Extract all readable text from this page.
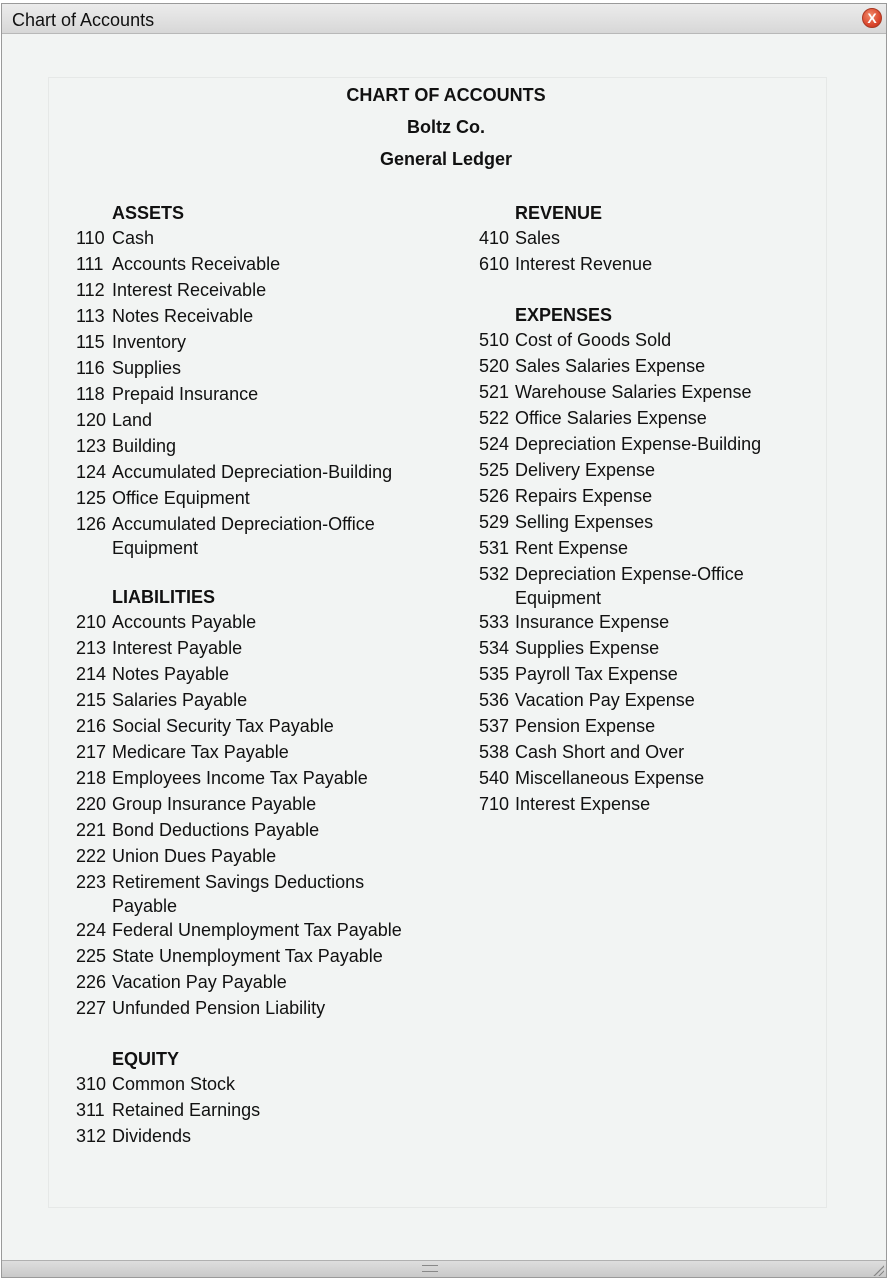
Chart of Accounts	X
CHART OF ACCOUNTS
Boltz Co.
General Ledger
ASSETS
110 Cash
111 Accounts Receivable
112 Interest Receivable
113 Notes Receivable
115 Inventory
116 Supplies
118 Prepaid Insurance
120 Land
123 Building
124 Accumulated Depreciation-Building
125 Office Equipment
126 Accumulated Depreciation-Office Equipment
LIABILITIES
210 Accounts Payable
213 Interest Payable
214 Notes Payable
215 Salaries Payable
216 Social Security Tax Payable
217 Medicare Tax Payable
218 Employees Income Tax Payable
220 Group Insurance Payable
221 Bond Deductions Payable
222 Union Dues Payable
223 Retirement Savings Deductions Payable
224 Federal Unemployment Tax Payable
225 State Unemployment Tax Payable
226 Vacation Pay Payable
227 Unfunded Pension Liability
EQUITY
310 Common Stock
311 Retained Earnings
312 Dividends
REVENUE
410 Sales
610 Interest Revenue
EXPENSES
510 Cost of Goods Sold
520 Sales Salaries Expense
521 Warehouse Salaries Expense
522 Office Salaries Expense
524 Depreciation Expense-Building
525 Delivery Expense
526 Repairs Expense
529 Selling Expenses
531 Rent Expense
532 Depreciation Expense-Office Equipment
533 Insurance Expense
534 Supplies Expense
535 Payroll Tax Expense
536 Vacation Pay Expense
537 Pension Expense
538 Cash Short and Over
540 Miscellaneous Expense
710 Interest Expense
